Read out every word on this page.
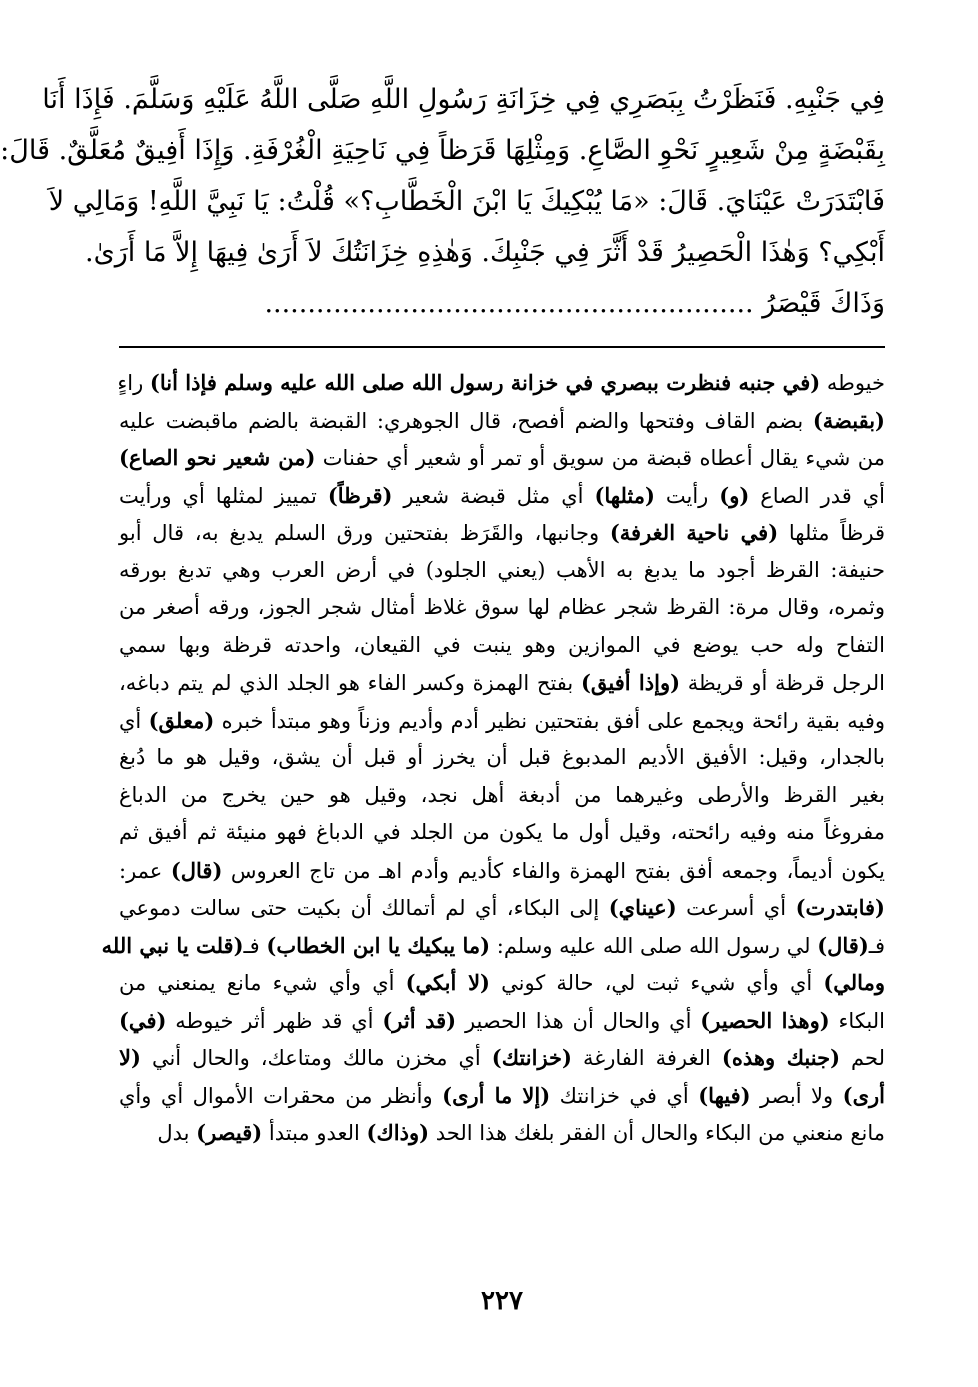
فِي جَنْبِهِ. فَنَظَرْتُ بِبَصَرِي فِي خِزَانَةِ رَسُولِ اللَّهِ صَلَّى اللَّهُ عَلَيْهِ وَسَلَّمَ. فَإِذَا أَنَا
بِقَبْضَةٍ مِنْ شَعِيرٍ نَحْوِ الصَّاعِ. وَمِثْلِهَا قَرَظاً فِي نَاحِيَةِ الْغُرْفَةِ. وَإِذَا أَفِيقٌ مُعَلَّقٌ. قَالَ:
فَابْتَدَرَتْ عَيْنَايَ. قَالَ: «مَا يُبْكِيكَ يَا ابْنَ الْخَطَّابِ؟» قُلْتُ: يَا نَبِيَّ اللَّهِ! وَمَالِي لاَ
أَبْكِي؟ وَهٰذَا الْحَصِيرُ قَدْ أَثَّرَ فِي جَنْبِكَ. وَهٰذِهِ خِزَانَتُكَ لاَ أَرَىٰ فِيهَا إِلاَّ مَا أَرَىٰ.
وَذَاكَ قَيْصَرُ .........................................................
خيوطه (في جنبه فنظرت ببصري في خزانة رسول الله صلى الله عليه وسلم فإذا أنا) راءٍ
(بقبضة) بضم القاف وفتحها والضم أفصح، قال الجوهري: القبضة بالضم ماقبضت عليه
من شيء يقال أعطاه قبضة من سويق أو تمر أو شعير أي حفنات (من شعير نحو الصاع)
أي قدر الصاع (و) رأيت (مثلها) أي مثل قبضة شعير (قرظاً) تمييز لمثلها أي ورأيت
قرظاً مثلها (في ناحية الغرفة) وجانبها، والقَرَظ بفتحتين ورق السلم يدبغ به، قال أبو
حنيفة: القرظ أجود ما يدبغ به الأهب (يعني الجلود) في أرض العرب وهي تدبغ بورقه
وثمره، وقال مرة: القرظ شجر عظام لها سوق غلاظ أمثال شجر الجوز، ورقه أصغر من
التفاح وله حب يوضع في الموازين وهو ينبت في القيعان، واحدته قرظة وبها سمي
الرجل قرظة أو قريظة (وإذا أفيق) بفتح الهمزة وكسر الفاء هو الجلد الذي لم يتم دباغه،
وفيه بقية رائحة ويجمع على أفق بفتحتين نظير أدم وأديم وزناً وهو مبتدأ خبره (معلق) أي
بالجدار، وقيل: الأفيق الأديم المدبوغ قبل أن يخرز أو قبل أن يشق، وقيل هو ما دُبغ
بغير القرظ والأرطى وغيرهما من أدبغة أهل نجد، وقيل هو حين يخرج من الدباغ
مفروغاً منه وفيه رائحته، وقيل أول ما يكون من الجلد في الدباغ فهو منيئة ثم أفيق ثم
يكون أديماً، وجمعه أفق بفتح الهمزة والفاء كأديم وأدم اهـ من تاج العروس (قال) عمر:
(فابتدرت) أي أسرعت (عيناي) إلى البكاء، أي لم أتمالك أن بكيت حتى سالت دموعي
فـ(قال) لي رسول الله صلى الله عليه وسلم: (ما يبكيك يا ابن الخطاب) فـ(قلت يا نبي الله
ومالي) أي وأي شيء ثبت لي، حالة كوني (لا أبكي) أي وأي شيء مانع يمنعني من
البكاء (وهذا الحصير) أي والحال أن هذا الحصير (قد أثر) أي قد ظهر أثر خيوطه (في)
لحم (جنبك وهذه) الغرفة الفارغة (خزانتك) أي مخزن مالك ومتاعك، والحال أني (لا
أرى) ولا أبصر (فيها) أي في خزانتك (إلا ما أرى) وأنظر من محقرات الأموال أي وأي
مانع منعني من البكاء والحال أن الفقر بلغك هذا الحد (وذاك) العدو مبتدأ (قيصر) بدل
٢٢٧
